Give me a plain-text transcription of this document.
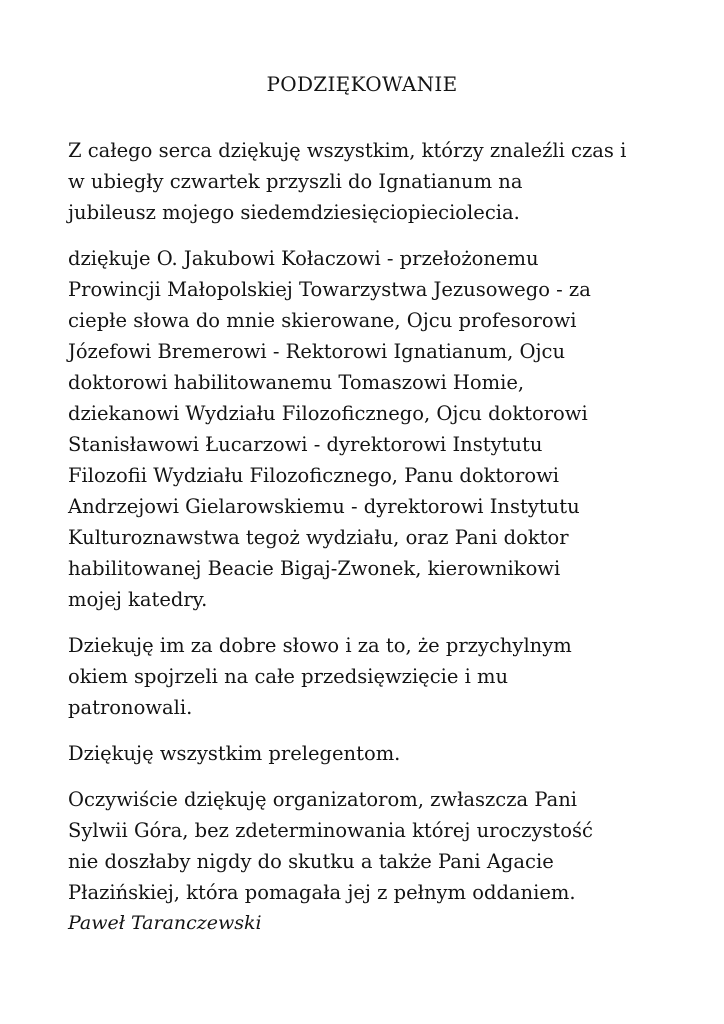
PODZIĘKOWANIE

Z całego serca dziękuję wszystkim, którzy znaleźli czas i
w ubiegły czwartek przyszli do Ignatianum na
jubileusz mojego siedemdziesięciopieciolecia.

dziękuje O. Jakubowi Kołaczowi - przełożonemu
Prowincji Małopolskiej Towarzystwa Jezusowego - za
ciepłe słowa do mnie skierowane, Ojcu profesorowi
Józefowi Bremerowi - Rektorowi Ignatianum, Ojcu
doktorowi habilitowanemu Tomaszowi Homie,
dziekanowi Wydziału Filozoficznego, Ojcu doktorowi
Stanisławowi Łucarzowi - dyrektorowi Instytutu
Filozofii Wydziału Filozoficznego, Panu doktorowi
Andrzejowi Gielarowskiemu - dyrektorowi Instytutu
Kulturoznawstwa tegoż wydziału, oraz Pani doktor
habilitowanej Beacie Bigaj-Zwonek, kierownikowi
mojej katedry.

Dziekuję im za dobre słowo i za to, że przychylnym
okiem spojrzeli na całe przedsięwzięcie i mu
patronowali.

Dziękuję wszystkim prelegentom.

Oczywiście dziękuję organizatorom, zwłaszcza Pani
Sylwii Góra, bez zdeterminowania której uroczystość
nie doszłaby nigdy do skutku a także Pani Agacie
Płazińskiej, która pomagała jej z pełnym oddaniem.

Paweł Taranczewski
